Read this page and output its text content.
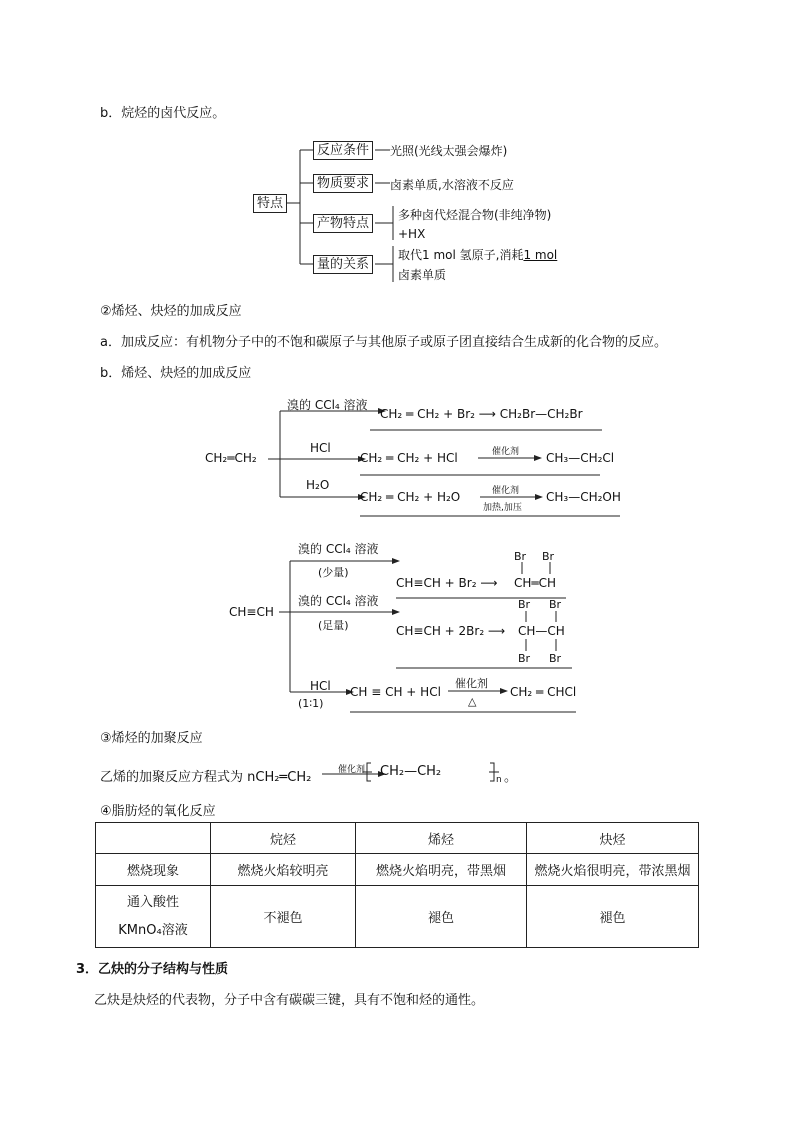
b．烷烃的卤代反应。
特点
反应条件	光照(光线太强会爆炸)
物质要求	卤素单质,水溶液不反应
产物特点
多种卤代烃混合物(非纯净物)
+HX
量的关系
取代1 mol 氢原子,消耗1 mol
卤素单质
②烯烃、炔烃的加成反应
a．加成反应：有机物分子中的不饱和碳原子与其他原子或原子团直接结合生成新的化合物的反应。
b．烯烃、炔烃的加成反应
CH₂═CH₂
溴的 CCl₄ 溶液
CH₂ ═ CH₂ + Br₂ ⟶ CH₂Br—CH₂Br
HCl
CH₂ ═ CH₂ + HCl	催化剂 CH₃—CH₂Cl
H₂O
CH₂ ═ CH₂ + H₂O	催化剂
加热,加压
CH₃—CH₂OH
CH≡CH
溴的 CCl₄ 溶液
(少量)
CH≡CH + Br₂ ⟶
Br Br
CH═CH
溴的 CCl₄ 溶液
(足量)	CH≡CH + 2Br₂ ⟶
Br Br
CH—CH
Br Br
HCl
(1∶1)
CH ≡ CH + HCl
催化剂
△
CH₂ ═ CHCl
③烯烃的加聚反应
乙烯的加聚反应方程式为 nCH₂═CH₂	催化剂 CH₂—CH₂
n 。
④脂肪烃的氧化反应
	烷烃	烯烃	炔烃
燃烧现象	燃烧火焰较明亮	燃烧火焰明亮，带黑烟	燃烧火焰很明亮，带浓黑烟

通入酸性
KMnO₄溶液	不褪色	褪色	褪色
3．乙炔的分子结构与性质
乙炔是炔烃的代表物，分子中含有碳碳三键，具有不饱和烃的通性。
